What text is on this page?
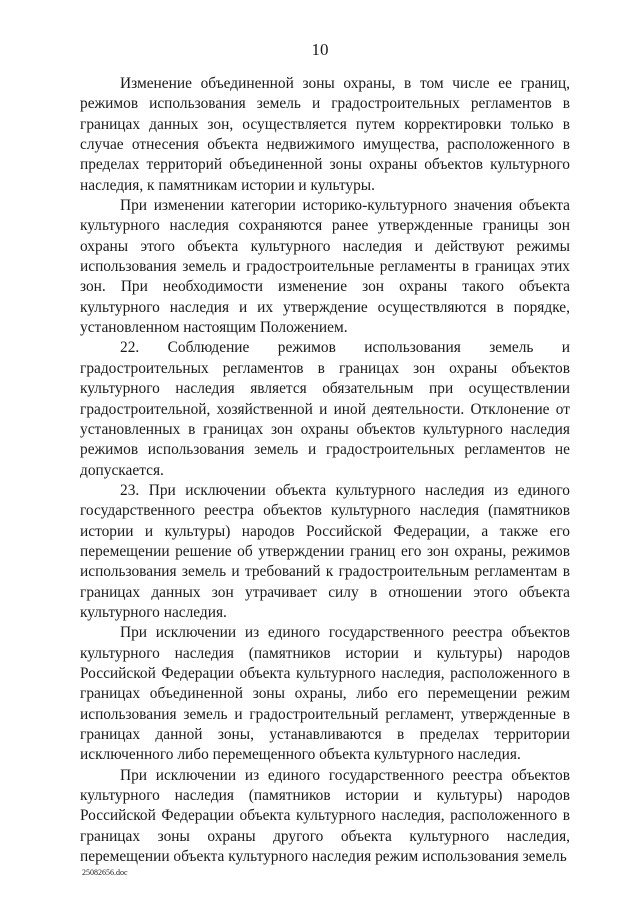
10

Изменение объединенной зоны охраны, в том числе ее границ, режимов использования земель и градостроительных регламентов в границах данных зон, осуществляется путем корректировки только в случае отнесения объекта недвижимого имущества, расположенного в пределах территорий объединенной зоны охраны объектов культурного наследия, к памятникам истории и культуры.

При изменении категории историко-культурного значения объекта культурного наследия сохраняются ранее утвержденные границы зон охраны этого объекта культурного наследия и действуют режимы использования земель и градостроительные регламенты в границах этих зон. При необходимости изменение зон охраны такого объекта культурного наследия и их утверждение осуществляются в порядке, установленном настоящим Положением.

22. Соблюдение режимов использования земель и градостроительных регламентов в границах зон охраны объектов культурного наследия является обязательным при осуществлении градостроительной, хозяйственной и иной деятельности. Отклонение от установленных в границах зон охраны объектов культурного наследия режимов использования земель и градостроительных регламентов не допускается.

23. При исключении объекта культурного наследия из единого государственного реестра объектов культурного наследия (памятников истории и культуры) народов Российской Федерации, а также его перемещении решение об утверждении границ его зон охраны, режимов использования земель и требований к градостроительным регламентам в границах данных зон утрачивает силу в отношении этого объекта культурного наследия.

При исключении из единого государственного реестра объектов культурного наследия (памятников истории и культуры) народов Российской Федерации объекта культурного наследия, расположенного в границах объединенной зоны охраны, либо его перемещении режим использования земель и градостроительный регламент, утвержденные в границах данной зоны, устанавливаются в пределах территории исключенного либо перемещенного объекта культурного наследия.

При исключении из единого государственного реестра объектов культурного наследия (памятников истории и культуры) народов Российской Федерации объекта культурного наследия, расположенного в границах зоны охраны другого объекта культурного наследия, перемещении объекта культурного наследия режим использования земель

25082656.doc
